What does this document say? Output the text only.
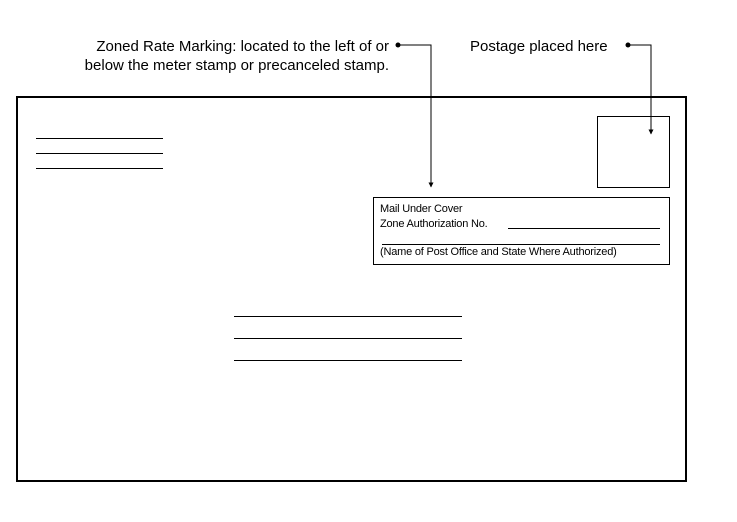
Zoned Rate Marking: located to the left of or
below the meter stamp or precanceled stamp.
Postage placed here
Mail Under Cover
Zone Authorization No.
(Name of Post Office and State Where Authorized)
